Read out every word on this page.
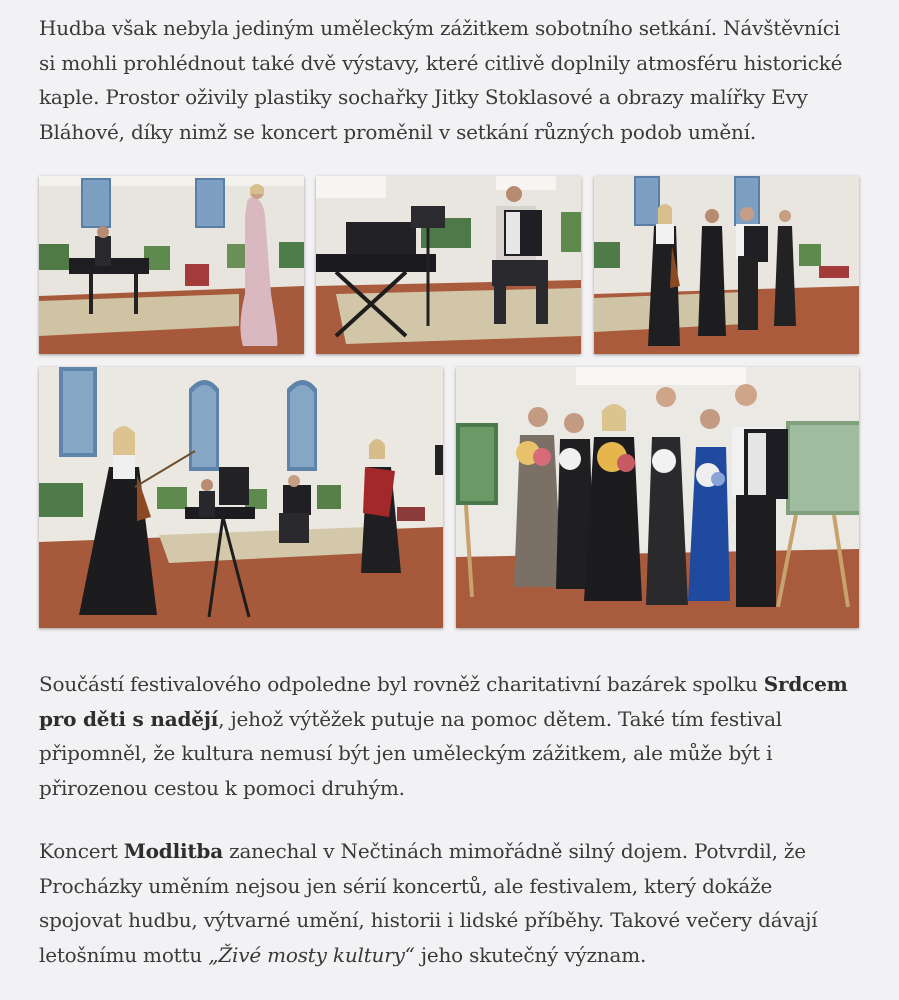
Hudba však nebyla jediným uměleckým zážitkem sobotního setkání. Návštěvníci si mohli prohlédnout také dvě výstavy, které citlivě doplnily atmosféru historické kaple. Prostor oživily plastiky sochařky Jitky Stoklasové a obrazy malířky Evy Bláhové, díky nimž se koncert proměnil v setkání různých podob umění.

Součástí festivalového odpoledne byl rovněž charitativní bazárek spolku Srdcem pro děti s nadějí, jehož výtěžek putuje na pomoc dětem. Také tím festival připomněl, že kultura nemusí být jen uměleckým zážitkem, ale může být i přirozenou cestou k pomoci druhým.

Koncert Modlitba zanechal v Nečtinách mimořádně silný dojem. Potvrdil, že Procházky uměním nejsou jen sérií koncertů, ale festivalem, který dokáže spojovat hudbu, výtvarné umění, historii i lidské příběhy. Takové večery dávají letošnímu mottu „Živé mosty kultury“ jeho skutečný význam.
